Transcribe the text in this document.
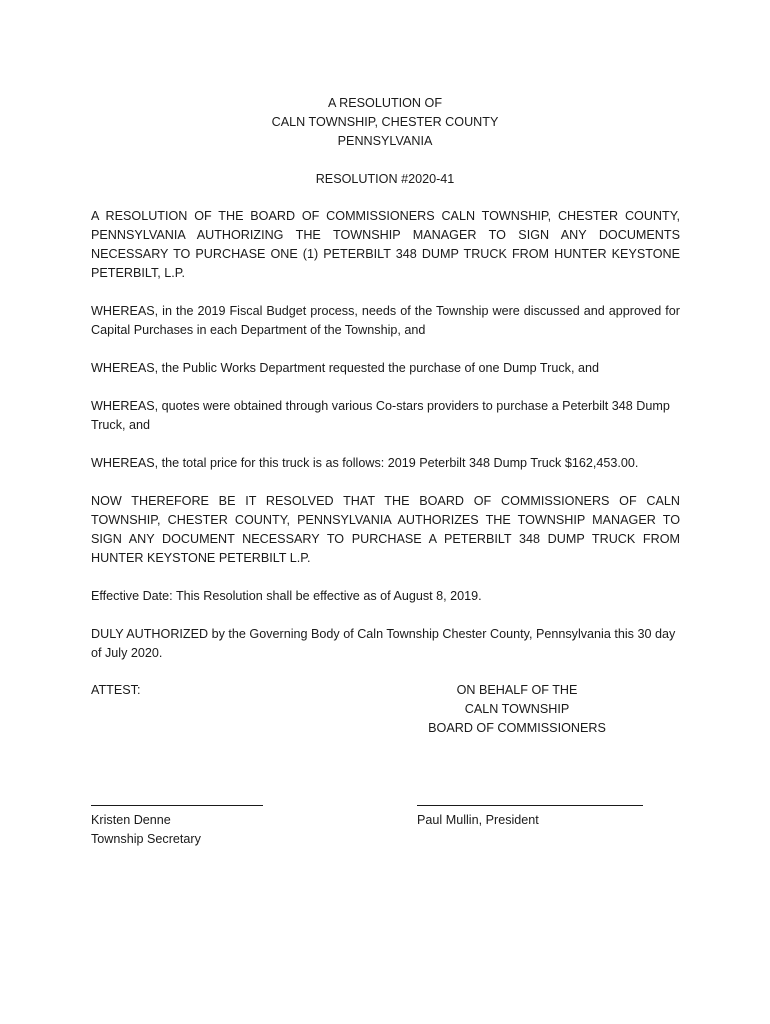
A RESOLUTION OF
CALN TOWNSHIP, CHESTER COUNTY
PENNSYLVANIA
RESOLUTION #2020-41

A RESOLUTION OF THE BOARD OF COMMISSIONERS CALN TOWNSHIP, CHESTER COUNTY, PENNSYLVANIA AUTHORIZING THE TOWNSHIP MANAGER TO SIGN ANY DOCUMENTS NECESSARY TO PURCHASE ONE (1) PETERBILT 348 DUMP TRUCK FROM HUNTER KEYSTONE PETERBILT, L.P.

WHEREAS, in the 2019 Fiscal Budget process, needs of the Township were discussed and approved for Capital Purchases in each Department of the Township, and

WHEREAS, the Public Works Department requested the purchase of one Dump Truck, and

WHEREAS, quotes were obtained through various Co-stars providers to purchase a Peterbilt 348 Dump Truck, and

WHEREAS, the total price for this truck is as follows: 2019 Peterbilt 348 Dump Truck $162,453.00.

NOW THEREFORE BE IT RESOLVED THAT THE BOARD OF COMMISSIONERS OF CALN TOWNSHIP, CHESTER COUNTY, PENNSYLVANIA AUTHORIZES THE TOWNSHIP MANAGER TO SIGN ANY DOCUMENT NECESSARY TO PURCHASE A PETERBILT 348 DUMP TRUCK FROM HUNTER KEYSTONE PETERBILT L.P.

Effective Date: This Resolution shall be effective as of August 8, 2019.

DULY AUTHORIZED by the Governing Body of Caln Township Chester County, Pennsylvania this 30 day of July 2020.

ATTEST:	ON BEHALF OF THE
CALN TOWNSHIP
BOARD OF COMMISSIONERS
Kristen Denne
Township Secretary
Paul Mullin, President
